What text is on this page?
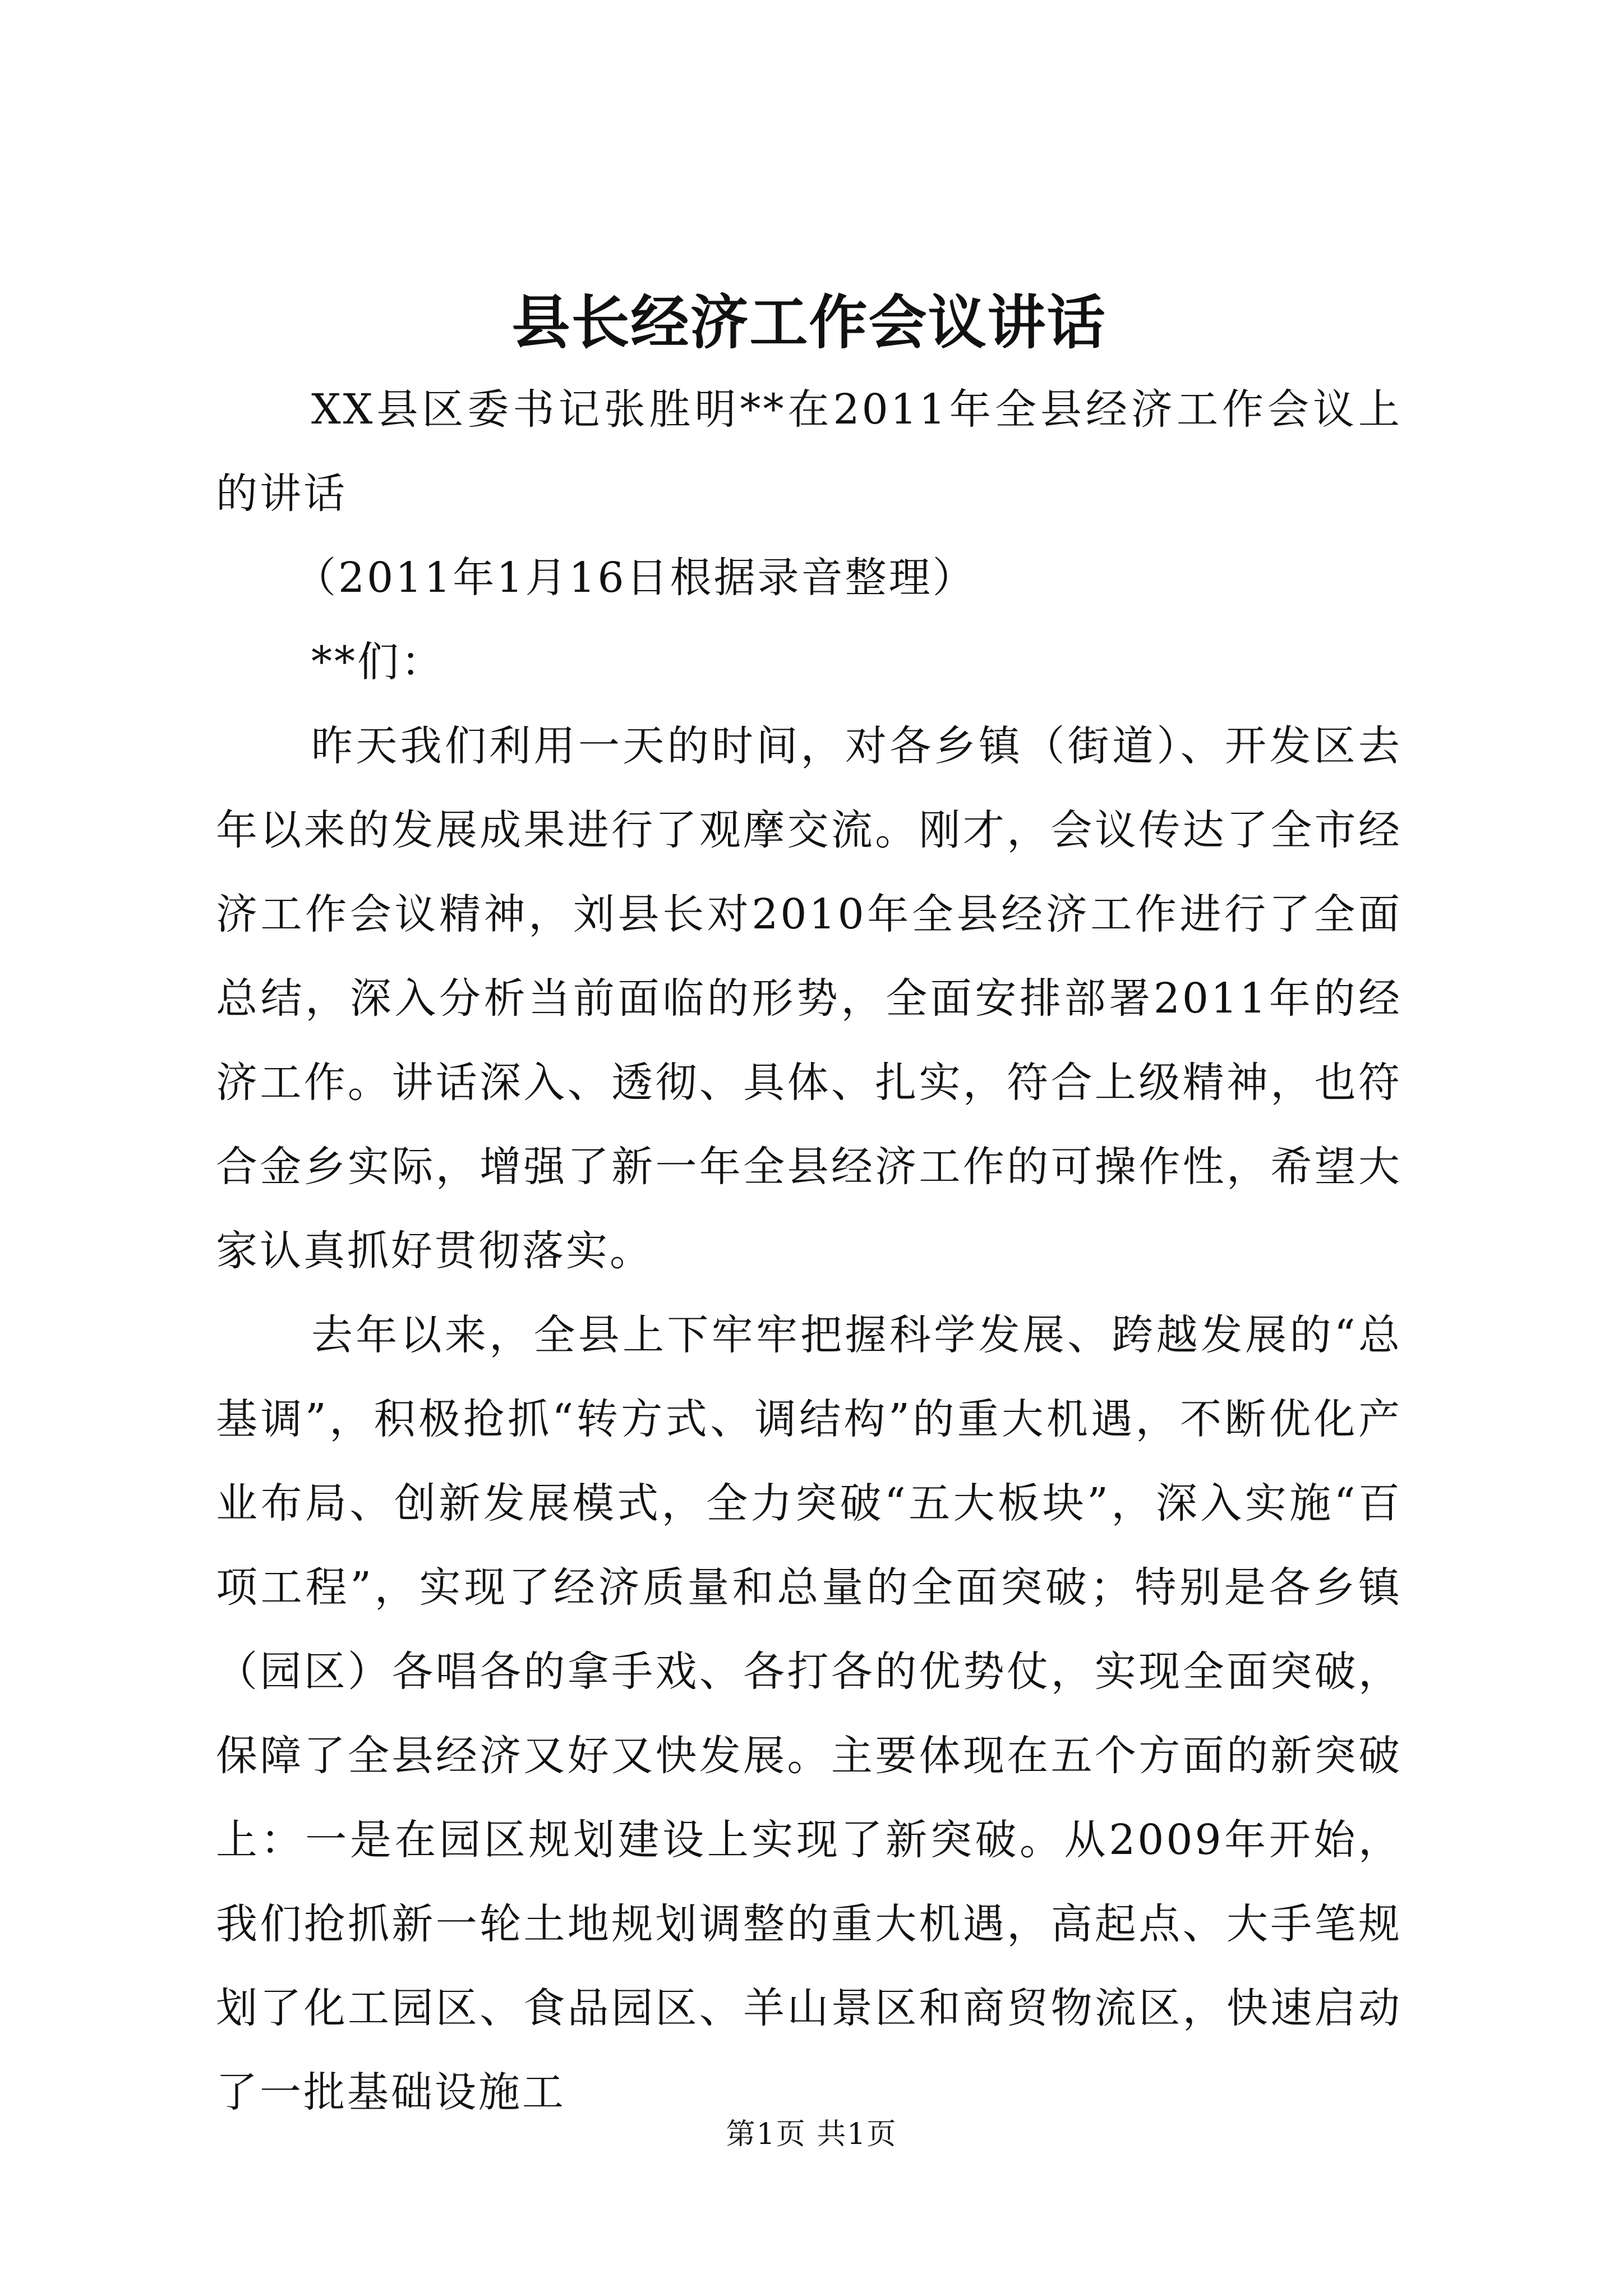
县长经济工作会议讲话

XX县区委书记张胜明**在2011年全县经济工作会议上的讲话

（2011年1月16日根据录音整理）

**们：

昨天我们利用一天的时间，对各乡镇（街道）、开发区去年以来的发展成果进行了观摩交流。刚才，会议传达了全市经济工作会议精神，刘县长对2010年全县经济工作进行了全面总结，深入分析当前面临的形势，全面安排部署2011年的经济工作。讲话深入、透彻、具体、扎实，符合上级精神，也符合金乡实际，增强了新一年全县经济工作的可操作性，希望大家认真抓好贯彻落实。

去年以来，全县上下牢牢把握科学发展、跨越发展的“总基调”，积极抢抓“转方式、调结构”的重大机遇，不断优化产业布局、创新发展模式，全力突破“五大板块”，深入实施“百项工程”，实现了经济质量和总量的全面突破；特别是各乡镇（园区）各唱各的拿手戏、各打各的优势仗，实现全面突破，保障了全县经济又好又快发展。主要体现在五个方面的新突破上：一是在园区规划建设上实现了新突破。从2009年开始，我们抢抓新一轮土地规划调整的重大机遇，高起点、大手笔规划了化工园区、食品园区、羊山景区和商贸物流区，快速启动了一批基础设施工

第1页 共1页
